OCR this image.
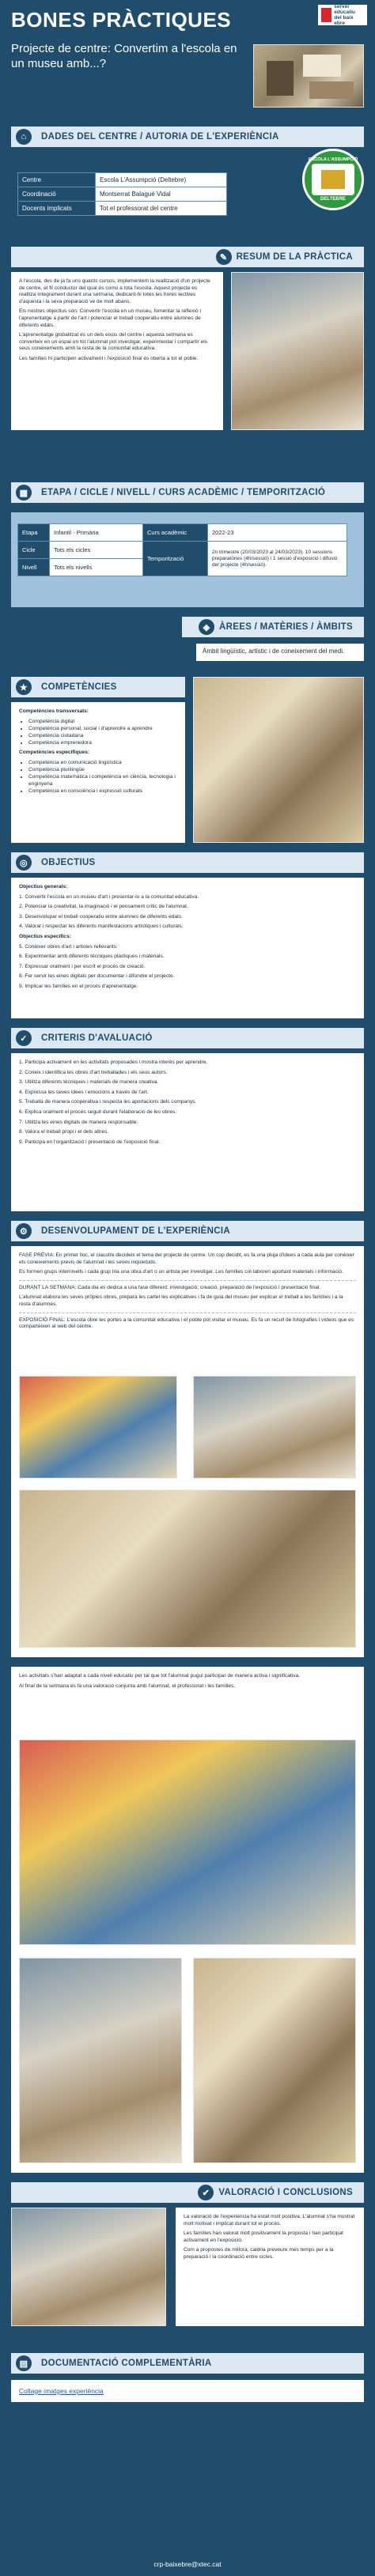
BONES PRÀCTIQUES
servei
educatiu
del baix ebre
Projecte de centre: Convertim a l'escola en un museu amb...?
⌂	DADES DEL CENTRE / AUTORIA DE L'EXPERIÈNCIA
Centre	Escola L'Assumpció (Deltebre)
Coordinació	Montserrat Balagué Vidal
Docents implicats	Tot el professorat del centre
ESCOLA L'ASSUMPCIÓ
DELTEBRE
✎ RESUM DE LA PRÀCTICA

A l'escola, des de ja fa uns quants cursos, implementem la realització d'un projecte de centre, el fil conductor del qual és comú a tota l'escola. Aquest projecte es realitza íntegrament durant una setmana, dedicant-hi totes les hores lectives d'aquesta i la seva preparació ve de molt abans.

Els nostres objectius són: Convertir l'escola en un museu, fomentar la reflexió i l'aprenentatge a partir de l'art i potenciar el treball cooperatiu entre alumnes de diferents edats.

L'aprenentatge globalitzat és un dels eixos del centre i aquesta setmana es converteix en un espai on tot l'alumnat pot investigar, experimentar i compartir els seus coneixements amb la resta de la comunitat educativa.

Les famílies hi participen activament i l'exposició final és oberta a tot el poble.

▦	ETAPA / CICLE / NIVELL / CURS ACADÈMIC / TEMPORITZACIÓ
Etapa	Infantil - Primària	Curs acadèmic	2022-23
Cicle	Tots els cicles	Temporització	2n trimestre (20/03/2023 al 24/03/2023). 10 sessions preparatòries (4h/sessió) i 1 sessió d'exposició i difusió del projecte (4h/sessió).
Nivell	Tots els nivells		
◈	ÀREES / MATÈRIES / ÀMBITS
Àmbit lingüístic, artístic i de coneixement del medi.
★	COMPETÈNCIES

Competències transversals:

• Competència digital
• Competència personal, social i d'aprendre a aprendre
• Competència ciutadana
• Competència emprenedora

Competències específiques:

• Competència en comunicació lingüística
• Competència plurilingüe
• Competència matemàtica i competència en ciència, tecnologia i enginyeria
• Competència en consciència i expressió culturals
◎	OBJECTIUS

Objectius generals:

1. Convertir l'escola en un museu d'art i presentar-lo a la comunitat educativa.

2. Potenciar la creativitat, la imaginació i el pensament crític de l'alumnat.

3. Desenvolupar el treball cooperatiu entre alumnes de diferents edats.

4. Valorar i respectar les diferents manifestacions artístiques i culturals.

Objectius específics:

5. Conèixer obres d'art i artistes rellevants.

6. Experimentar amb diferents tècniques plàstiques i materials.

7. Expressar oralment i per escrit el procés de creació.

8. Fer servir les eines digitals per documentar i difondre el projecte.

9. Implicar les famílies en el procés d'aprenentatge.

✓	CRITERIS D'AVALUACIÓ

1. Participa activament en les activitats proposades i mostra interès per aprendre.

2. Coneix i identifica les obres d'art treballades i els seus autors.

3. Utilitza diferents tècniques i materials de manera creativa.

4. Expressa les seves idees i emocions a través de l'art.

5. Treballa de manera cooperativa i respecta les aportacions dels companys.

6. Explica oralment el procés seguit durant l'elaboració de les obres.

7. Utilitza les eines digitals de manera responsable.

8. Valora el treball propi i el dels altres.

9. Participa en l'organització i presentació de l'exposició final.

⚙	DESENVOLUPAMENT DE L'EXPERIÈNCIA

FASE PRÈVIA: En primer lloc, el claustre decideix el tema del projecte de centre. Un cop decidit, es fa una pluja d'idees a cada aula per conèixer els coneixements previs de l'alumnat i les seves inquietuds.

Es formen grups internivells i cada grup tria una obra d'art o un artista per investigar. Les famílies col·laboren aportant materials i informació.

DURANT LA SETMANA: Cada dia es dedica a una fase diferent: investigació, creació, preparació de l'exposició i presentació final.

L'alumnat elabora les seves pròpies obres, prepara les cartel·les explicatives i fa de guia del museu per explicar el treball a les famílies i a la resta d'alumnes.

EXPOSICIÓ FINAL: L'escola obre les portes a la comunitat educativa i el poble pot visitar el museu. Es fa un recull de fotografies i vídeos que es comparteixen al web del centre.

Les activitats s'han adaptat a cada nivell educatiu per tal que tot l'alumnat pugui participar de manera activa i significativa.

Al final de la setmana es fa una valoració conjunta amb l'alumnat, el professorat i les famílies.

✔ VALORACIÓ I CONCLUSIONS

La valoració de l'experiència ha estat molt positiva. L'alumnat s'ha mostrat molt motivat i implicat durant tot el procés.

Les famílies han valorat molt positivament la proposta i han participat activament en l'exposició.

Com a propostes de millora, caldria preveure més temps per a la preparació i la coordinació entre cicles.

▤	DOCUMENTACIÓ COMPLEMENTÀRIA
Collage imatges experiència
crp-baixebre@xtec.cat
